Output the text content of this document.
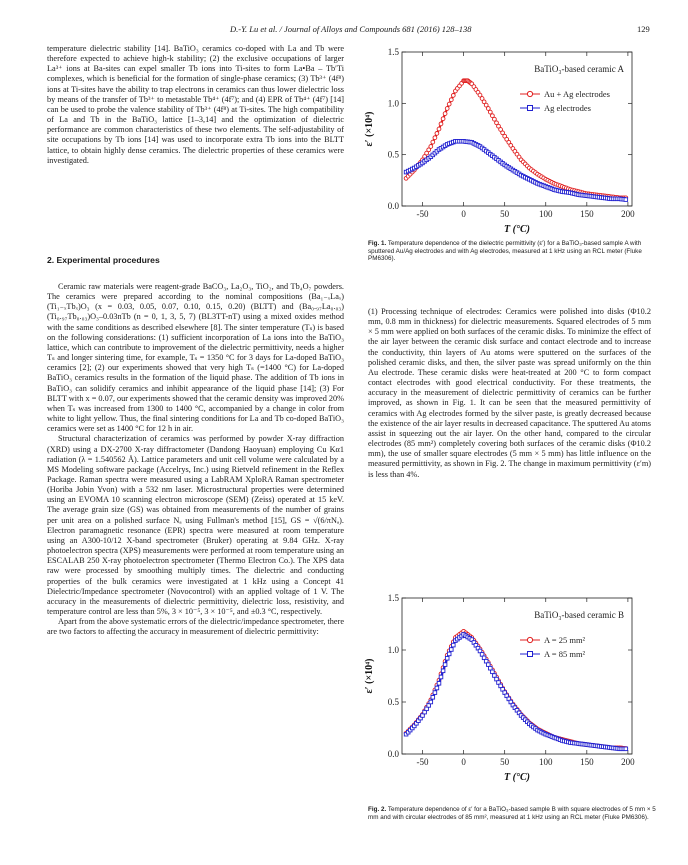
D.-Y. Lu et al. / Journal of Alloys and Compounds 681 (2016) 128–138	129

temperature dielectric stability [14]. BaTiO₃ ceramics co-doped with La and Tb were therefore expected to achieve high-k stability; (2) the exclusive occupations of larger La³⁺ ions at Ba-sites can expel smaller Tb ions into Ti-sites to form La•Ba – Tb′Ti complexes, which is beneficial for the formation of single-phase ceramics; (3) Tb³⁺ (4f⁸) ions at Ti-sites have the ability to trap electrons in ceramics can thus lower dielectric loss by means of the transfer of Tb³⁺ to metastable Tb⁴⁺ (4f⁷); and (4) EPR of Tb⁴⁺ (4f⁷) [14] can be used to probe the valence stability of Tb³⁺ (4f⁸) at Ti-sites. The high compatibility of La and Tb in the BaTiO₃ lattice [1–3,14] and the optimization of dielectric performance are common characteristics of these two elements. The self-adjustability of site occupations by Tb ions [14] was used to incorporate extra Tb ions into the BLTT lattice, to obtain highly dense ceramics. The dielectric properties of these ceramics were investigated.

2. Experimental procedures

Ceramic raw materials were reagent-grade BaCO₃, La₂O₃, TiO₂, and Tb₄O₇ powders. The ceramics were prepared according to the nominal compositions (Ba₁₋ₓLaₓ)(Ti₁₋ₓTbₓ)O₃ (x = 0.03, 0.05, 0.07, 0.10, 0.15, 0.20) (BLTT) and (Ba₀.₉₇La₀.₀₃)(Ti₀.₉₇Tb₀.₀₃)O₃–0.03nTb (n = 0, 1, 3, 5, 7) (BL3TT-nT) using a mixed oxides method with the same conditions as described elsewhere [8]. The sinter temperature (Tₛ) is based on the following considerations: (1) sufficient incorporation of La ions into the BaTiO₃ lattice, which can contribute to improvement of the dielectric permittivity, needs a higher Tₛ and longer sintering time, for example, Tₛ = 1350 °C for 3 days for La-doped BaTiO₃ ceramics [2]; (2) our experiments showed that very high Tₛ (=1400 °C) for La-doped BaTiO₃ ceramics results in the formation of the liquid phase. The addition of Tb ions in BaTiO₃ can solidify ceramics and inhibit appearance of the liquid phase [14]; (3) For BLTT with x = 0.07, our experiments showed that the ceramic density was improved 20% when Tₛ was increased from 1300 to 1400 °C, accompanied by a change in color from white to light yellow. Thus, the final sintering conditions for La and Tb co-doped BaTiO₃ ceramics were set as 1400 °C for 12 h in air.

Structural characterization of ceramics was performed by powder X-ray diffraction (XRD) using a DX-2700 X-ray diffractometer (Dandong Haoyuan) employing Cu Kα1 radiation (λ = 1.540562 Å). Lattice parameters and unit cell volume were calculated by a MS Modeling software package (Accelrys, Inc.) using Rietveld refinement in the Reflex Package. Raman spectra were measured using a LabRAM XploRA Raman spectrometer (Horiba Jobin Yvon) with a 532 nm laser. Microstructural properties were determined using an EVOMA 10 scanning electron microscope (SEM) (Zeiss) operated at 15 keV. The average grain size (GS) was obtained from measurements of the number of grains per unit area on a polished surface Nₐ using Fullman's method [15], GS = √(6/πNₐ). Electron paramagnetic resonance (EPR) spectra were measured at room temperature using an A300-10/12 X-band spectrometer (Bruker) operating at 9.84 GHz. X-ray photoelectron spectra (XPS) measurements were performed at room temperature using an ESCALAB 250 X-ray photoelectron spectrometer (Thermo Electron Co.). The XPS data raw were processed by smoothing multiply times. The dielectric and conducting properties of the bulk ceramics were investigated at 1 kHz using a Concept 41 Dielectric/Impedance spectrometer (Novocontrol) with an applied voltage of 1 V. The accuracy in the measurements of dielectric permittivity, dielectric loss, resistivity, and temperature control are less than 5%, 3 × 10⁻⁵, 3 × 10⁻⁵, and ±0.3 °C, respectively.

Apart from the above systematic errors of the dielectric/impedance spectrometer, there are two factors to affecting the accuracy in measurement of dielectric permittivity:

-50	0	50	100	150	200
0.0
0.5
1.0
1.5
T (°C)
ε′ (×10⁴)
BaTiO₃-based ceramic A
Au + Ag electrodes
Ag electrodes
Fig. 1. Temperature dependence of the dielectric permittivity (ε′) for a BaTiO₃-based sample A with sputtered Au/Ag electrodes and with Ag electrodes, measured at 1 kHz using an RCL meter (Fluke PM6306).

(1) Processing technique of electrodes: Ceramics were polished into disks (Φ10.2 mm, 0.8 mm in thickness) for dielectric measurements. Squared electrodes of 5 mm × 5 mm were applied on both surfaces of the ceramic disks. To minimize the effect of the air layer between the ceramic disk surface and contact electrode and to increase the conductivity, thin layers of Au atoms were sputtered on the surfaces of the polished ceramic disks, and then, the silver paste was spread uniformly on the thin Au electrode. These ceramic disks were heat-treated at 200 °C to form compact contact electrodes with good electrical conductivity. For these treatments, the accuracy in the measurement of dielectric permittivity of ceramics can be further improved, as shown in Fig. 1. It can be seen that the measured permittivity of ceramics with Ag electrodes formed by the silver paste, is greatly decreased because the existence of the air layer results in decreased capacitance. The sputtered Au atoms assist in squeezing out the air layer. On the other hand, compared to the circular electrodes (85 mm²) completely covering both surfaces of the ceramic disks (Φ10.2 mm), the use of smaller square electrodes (5 mm × 5 mm) has little influence on the measured permittivity, as shown in Fig. 2. The change in maximum permittivity (ε′m) is less than 4%.

-50	0	50	100	150	200
0.0
0.5
1.0
1.5
T (°C)
ε′ (×10⁴)
BaTiO₃-based ceramic B
A = 25 mm²
A = 85 mm²
Fig. 2. Temperature dependence of ε′ for a BaTiO₃-based sample B with square electrodes of 5 mm × 5 mm and with circular electrodes of 85 mm², measured at 1 kHz using an RCL meter (Fluke PM6306).
